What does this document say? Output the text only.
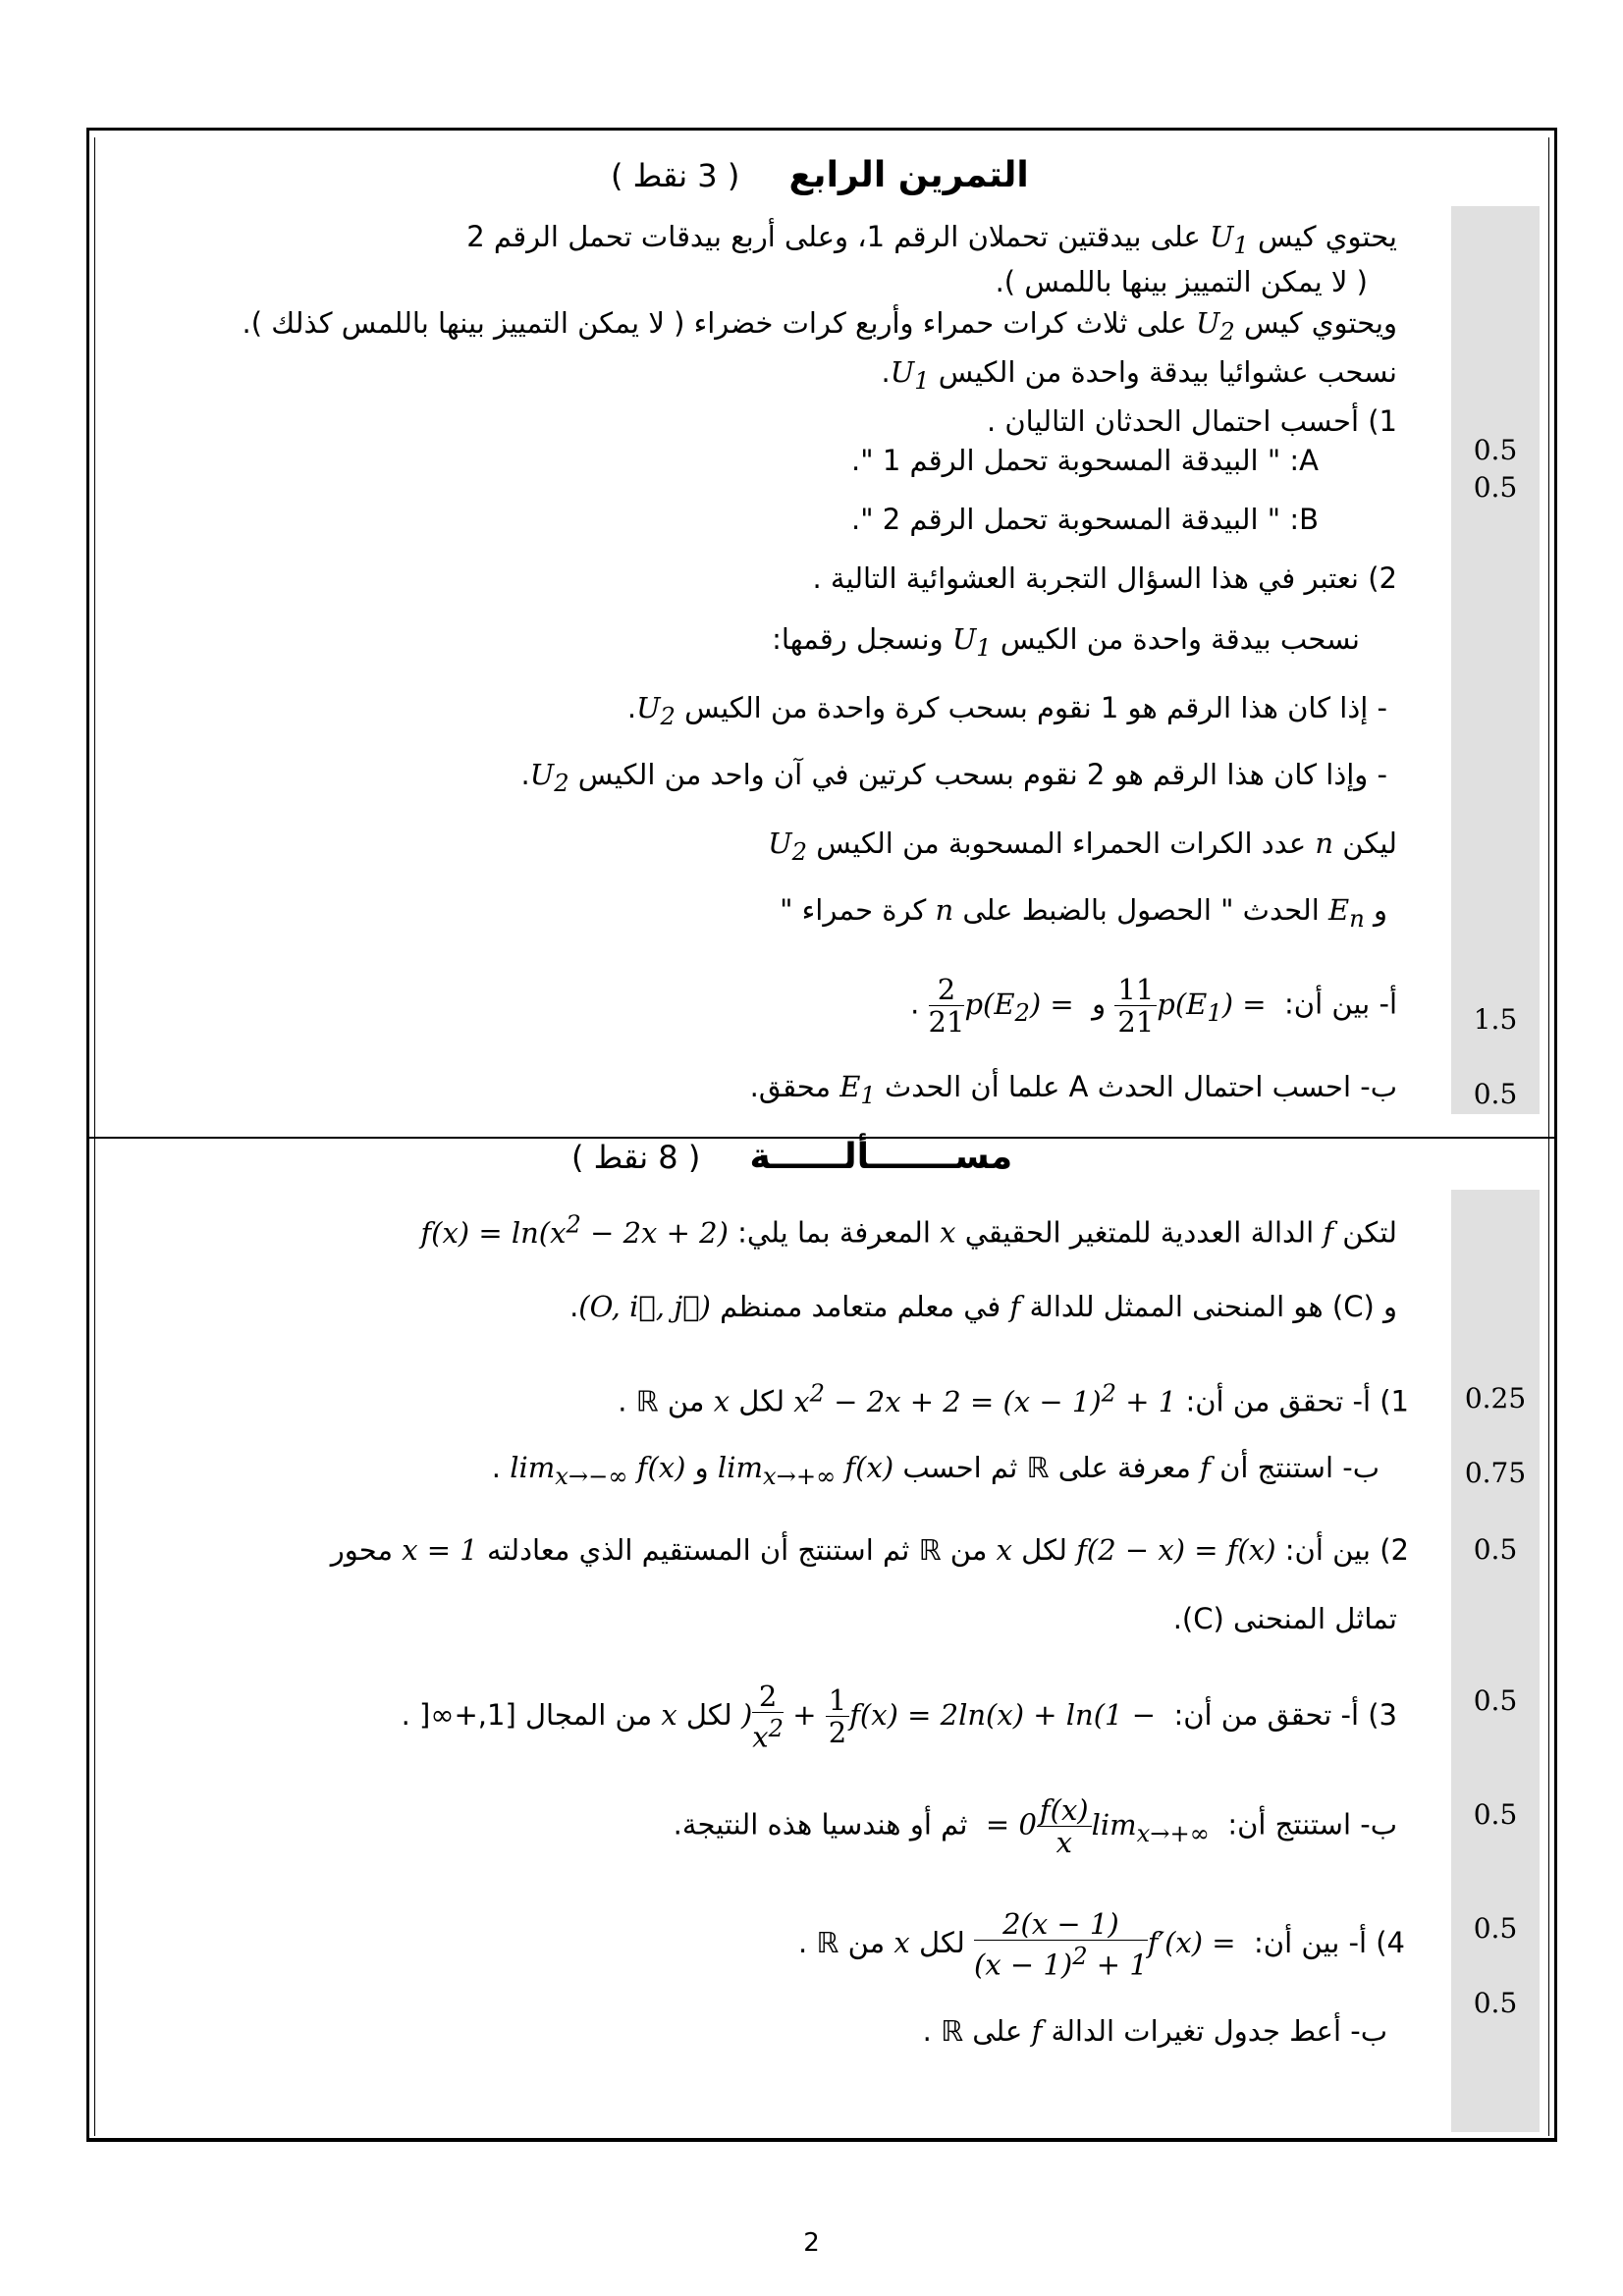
التمرين الرابع    ( 3 نقط )
يحتوي كيس $U_1$ على بيدقتين تحملان الرقم 1، وعلى أربع بيدقات تحمل الرقم 2
( لا يمكن التمييز بينها باللمس ).
ويحتوي كيس $U_2$ على ثلاث كرات حمراء وأربع كرات خضراء ( لا يمكن التمييز بينها باللمس كذلك ).
نسحب عشوائيا بيدقة واحدة من الكيس $U_1$.
1) أحسب احتمال الحدثان التاليان .
A: " البيدقة المسحوبة تحمل الرقم 1 ".
B: " البيدقة المسحوبة تحمل الرقم 2 ".
2) نعتبر في هذا السؤال التجربة العشوائية التالية .
نسحب بيدقة واحدة من الكيس $U_1$ ونسجل رقمها:
- إذا كان هذا الرقم هو 1 نقوم بسحب كرة واحدة من الكيس $U_2$.
- وإذا كان هذا الرقم هو 2 نقوم بسحب كرتين في آن واحد من الكيس $U_2$.
ليكن n عدد الكرات الحمراء المسحوبة من الكيس $U_2$
و $E_n$ الحدث " الحصول بالضبط على n كرة حمراء "
أ- بين أن: $p(E_1)$ =
$\frac{11}{21}$
و $p(E_2)$ =
$\frac{2}{21}$
.
ب- احسب احتمال الحدث A علما أن الحدث $E_1$ محقق.
0.5
0.5
1.5
0.5
مســـــــألــــــة    ( 8 نقط )
لتكن f الدالة العددية للمتغير الحقيقي x المعرفة بما يلي: $f(x) = \ln(x^2 - 2x + 2)$
و (C) هو المنحنى الممثل للدالة f في معلم متعامد ممنظم (O, i⃗, j⃗).
1) أ- تحقق من أن: $x^2 - 2x + 2 = (x - 1)^2 + 1$ لكل x من ℝ .
ب- استنتج أن f معرفة على ℝ ثم احسب $\lim_{x\to+\infty} f(x)$ و $\lim_{x\to-\infty} f(x)$ .
2) بين أن: f(2 − x) = f(x) لكل x من ℝ ثم استنتج أن المستقيم الذي معادلته x = 1 محور
تماثل المنحنى (C).
3) أ- تحقق من أن: f(x) = 2ln(x) + ln(1 −
$\frac{1}{2}$
+
$\frac{2}{x^2}$
) لكل x من المجال [1,+∞[ .
ب- استنتج أن: $\lim_{x\to+\infty}$
$\frac{f(x)}{x}$
= 0 ثم أو هندسيا هذه النتيجة.
4) أ- بين أن: f′(x) =
$\frac{2(x - 1)}{(x - 1)^2 + 1}$
لكل x من ℝ .
ب- أعط جدول تغيرات الدالة f على ℝ .
0.25
0.75
0.5
0.5
0.5
0.5
0.5
2
